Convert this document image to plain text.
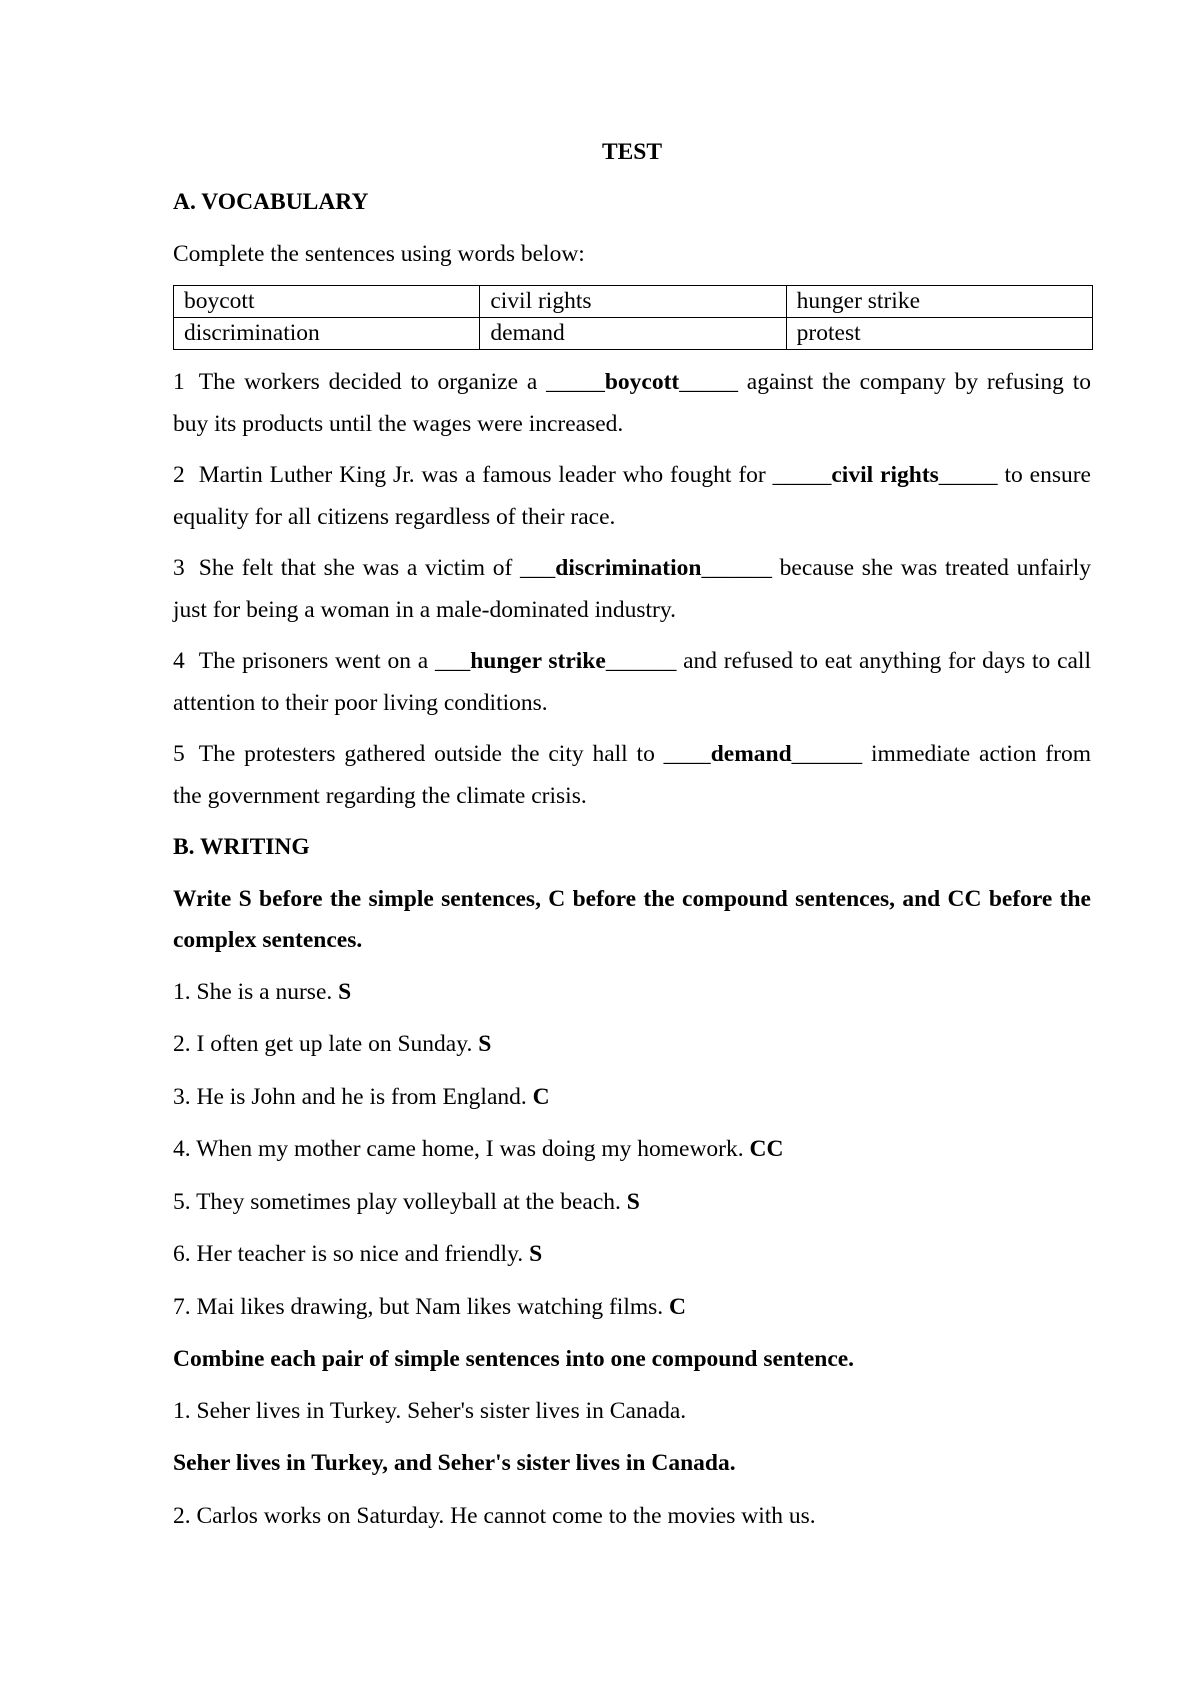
TEST
A. VOCABULARY
Complete the sentences using words below:
boycott	civil rights	hunger strike
discrimination	demand	protest
1 The workers decided to organize a _____boycott_____ against the company by refusing to buy its products until the wages were increased.
2 Martin Luther King Jr. was a famous leader who fought for _____civil rights_____ to ensure equality for all citizens regardless of their race.
3 She felt that she was a victim of ___discrimination______ because she was treated unfairly just for being a woman in a male-dominated industry.
4 The prisoners went on a ___hunger strike______ and refused to eat anything for days to call attention to their poor living conditions.
5 The protesters gathered outside the city hall to ____demand______ immediate action from the government regarding the climate crisis.
B. WRITING
Write S before the simple sentences, C before the compound sentences, and CC before the complex sentences.
1. She is a nurse. S
2. I often get up late on Sunday. S
3. He is John and he is from England. C
4. When my mother came home, I was doing my homework. CC
5. They sometimes play volleyball at the beach. S
6. Her teacher is so nice and friendly. S
7. Mai likes drawing, but Nam likes watching films. C
Combine each pair of simple sentences into one compound sentence.
1. Seher lives in Turkey. Seher's sister lives in Canada.
Seher lives in Turkey, and Seher's sister lives in Canada.
2. Carlos works on Saturday. He cannot come to the movies with us.
